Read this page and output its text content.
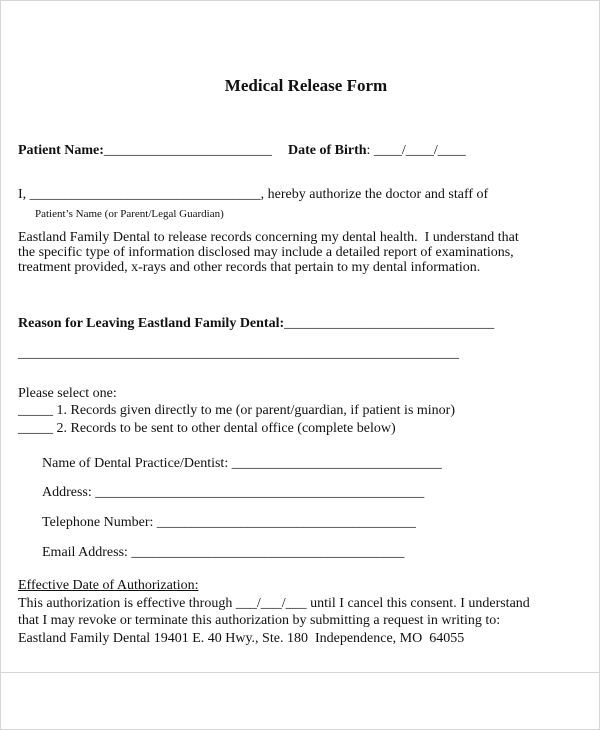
Medical Release Form
Patient Name:________________________ Date of Birth: ____/____/____
I, _________________________________, hereby authorize the doctor and staff of
Patient’s Name (or Parent/Legal Guardian)
Eastland Family Dental to release records concerning my dental health.  I understand that
the specific type of information disclosed may include a detailed report of examinations,
treatment provided, x-rays and other records that pertain to my dental information.
Reason for Leaving Eastland Family Dental:______________________________
_______________________________________________________________
Please select one:
_____ 1. Records given directly to me (or parent/guardian, if patient is minor)
_____ 2. Records to be sent to other dental office (complete below)
Name of Dental Practice/Dentist: ______________________________
Address: _______________________________________________
Telephone Number: _____________________________________
Email Address: _______________________________________
Effective Date of Authorization:
This authorization is effective through ___/___/___ until I cancel this consent. I understand
that I may revoke or terminate this authorization by submitting a request in writing to:
Eastland Family Dental 19401 E. 40 Hwy., Ste. 180  Independence, MO  64055
